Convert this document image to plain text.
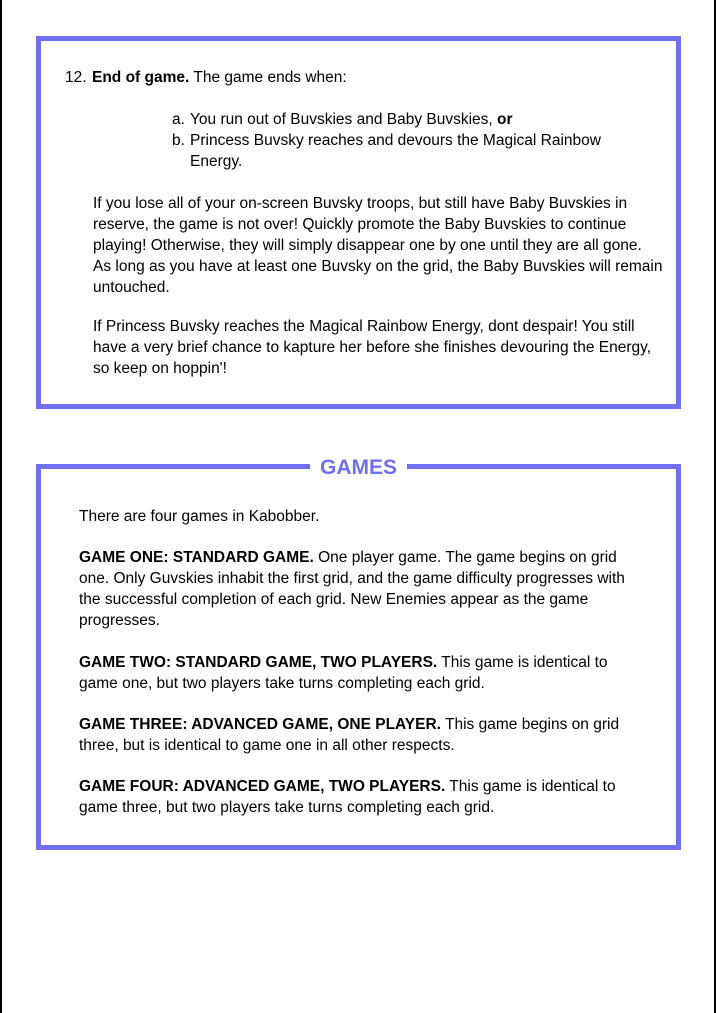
12. End of game. The game ends when:
a. You run out of Buvskies and Baby Buvskies, or
b. Princess Buvsky reaches and devours the Magical Rainbow Energy.

If you lose all of your on-screen Buvsky troops, but still have Baby Buvskies in reserve, the game is not over! Quickly promote the Baby Buvskies to continue playing! Otherwise, they will simply disappear one by one until they are all gone. As long as you have at least one Buvsky on the grid, the Baby Buvskies will remain untouched.

If Princess Buvsky reaches the Magical Rainbow Energy, dont despair! You still have a very brief chance to kapture her before she finishes devouring the Energy, so keep on hoppin'!

GAMES

There are four games in Kabobber.

GAME ONE: STANDARD GAME. One player game. The game begins on grid one. Only Guvskies inhabit the first grid, and the game difficulty progresses with the successful completion of each grid. New Enemies appear as the game progresses.

GAME TWO: STANDARD GAME, TWO PLAYERS. This game is identical to game one, but two players take turns completing each grid.

GAME THREE: ADVANCED GAME, ONE PLAYER. This game begins on grid three, but is identical to game one in all other respects.

GAME FOUR: ADVANCED GAME, TWO PLAYERS. This game is identical to game three, but two players take turns completing each grid.
